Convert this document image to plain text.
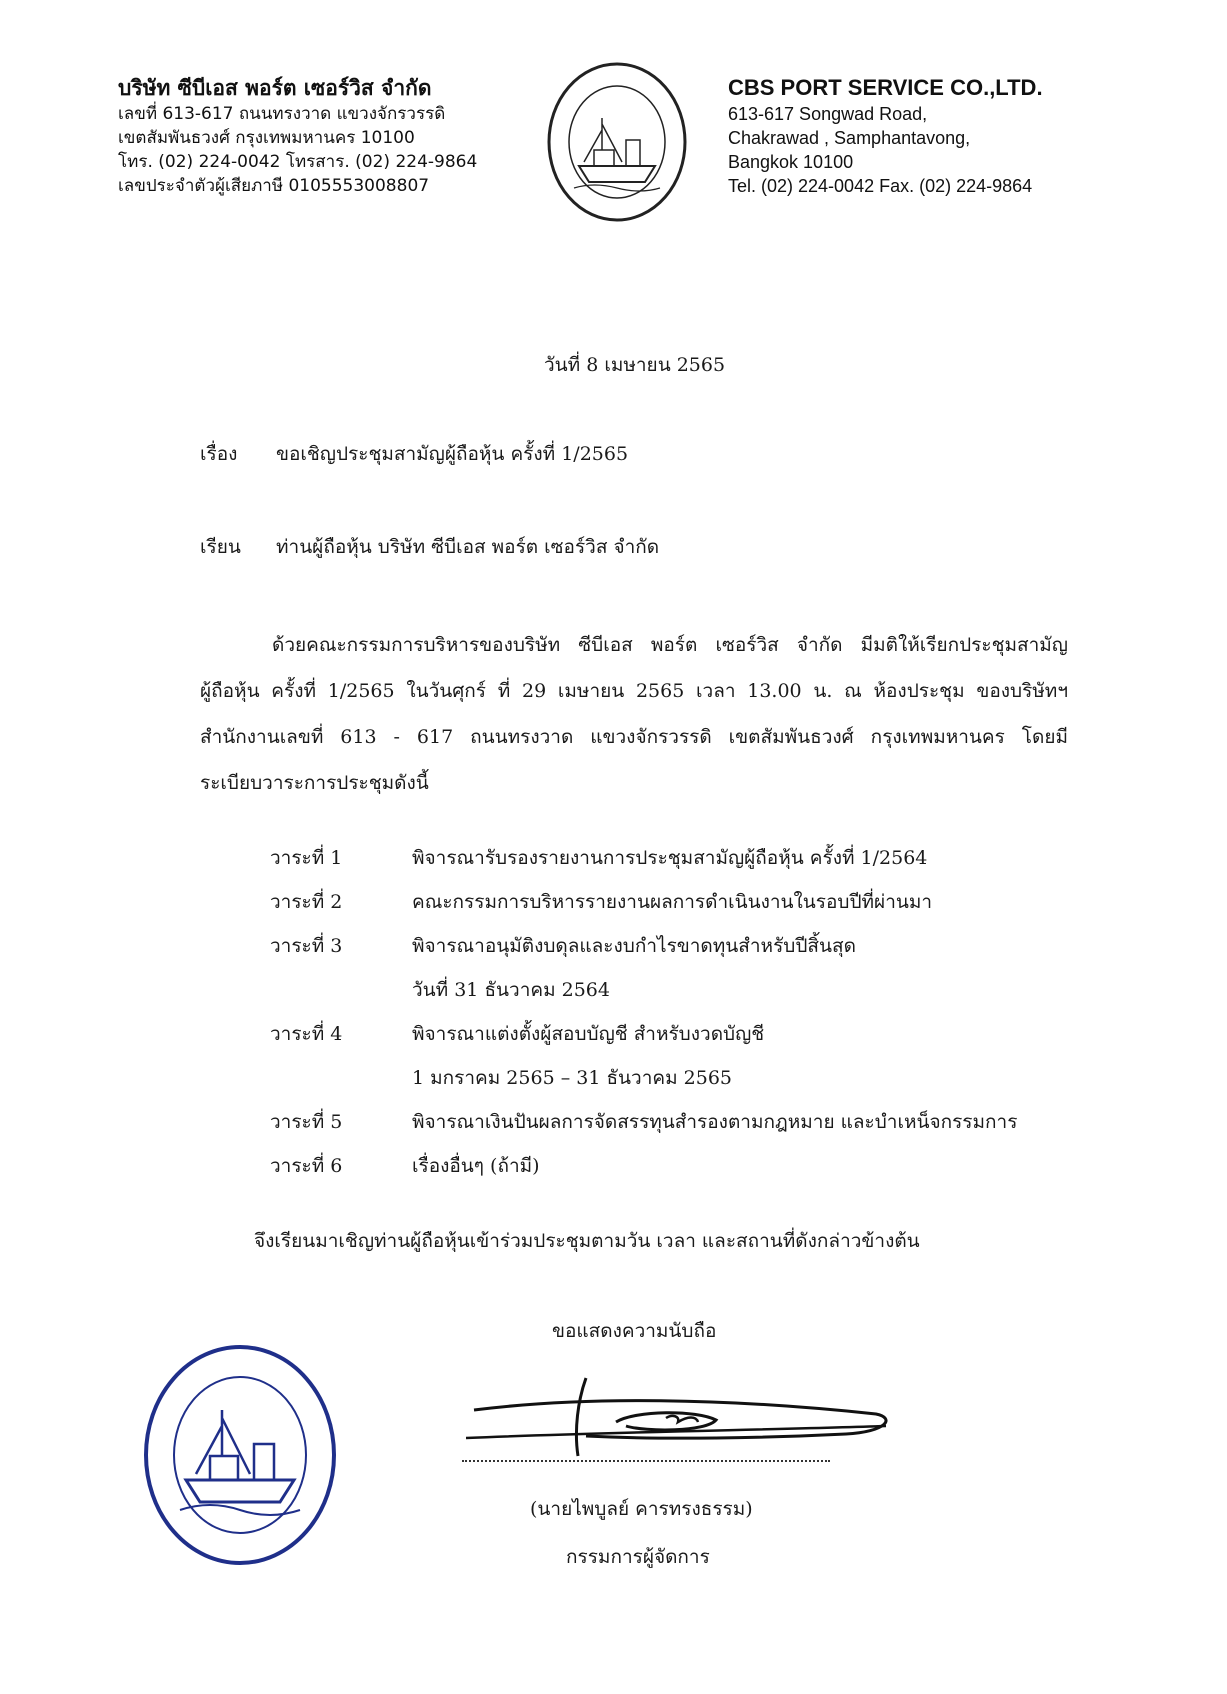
บริษัท ซีบีเอส พอร์ต เซอร์วิส จำกัด
เลขที่ 613-617 ถนนทรงวาด แขวงจักรวรรดิ
เขตสัมพันธวงศ์ กรุงเทพมหานคร 10100
โทร. (02) 224-0042 โทรสาร. (02) 224-9864
เลขประจำตัวผู้เสียภาษี 0105553008807
CBS PORT SERVICE CO.,LTD.
613-617 Songwad Road,
Chakrawad , Samphantavong,
Bangkok 10100
Tel. (02) 224-0042 Fax. (02) 224-9864
วันที่ 8 เมษายน 2565
เรื่อง ขอเชิญประชุมสามัญผู้ถือหุ้น ครั้งที่ 1/2565
เรียน ท่านผู้ถือหุ้น บริษัท ซีบีเอส พอร์ต เซอร์วิส จำกัด
ด้วยคณะกรรมการบริหารของบริษัท ซีบีเอส พอร์ต เซอร์วิส จำกัด มีมติให้เรียกประชุมสามัญ
ผู้ถือหุ้น ครั้งที่ 1/2565 ในวันศุกร์ ที่ 29 เมษายน 2565 เวลา 13.00 น. ณ ห้องประชุม ของบริษัทฯ
สำนักงานเลขที่ 613 - 617 ถนนทรงวาด แขวงจักรวรรดิ เขตสัมพันธวงศ์ กรุงเทพมหานคร โดยมี
ระเบียบวาระการประชุมดังนี้
วาระที่ 1	พิจารณารับรองรายงานการประชุมสามัญผู้ถือหุ้น ครั้งที่ 1/2564
วาระที่ 2	คณะกรรมการบริหารรายงานผลการดำเนินงานในรอบปีที่ผ่านมา
วาระที่ 3	พิจารณาอนุมัติงบดุลและงบกำไรขาดทุนสำหรับปีสิ้นสุด
วันที่ 31 ธันวาคม 2564
วาระที่ 4	พิจารณาแต่งตั้งผู้สอบบัญชี สำหรับงวดบัญชี
1 มกราคม 2565 – 31 ธันวาคม 2565
วาระที่ 5	พิจารณาเงินปันผลการจัดสรรทุนสำรองตามกฎหมาย และบำเหน็จกรรมการ
วาระที่ 6	เรื่องอื่นๆ (ถ้ามี)
จึงเรียนมาเชิญท่านผู้ถือหุ้นเข้าร่วมประชุมตามวัน เวลา และสถานที่ดังกล่าวข้างต้น
ขอแสดงความนับถือ
(นายไพบูลย์ คารทรงธรรม)
กรรมการผู้จัดการ
